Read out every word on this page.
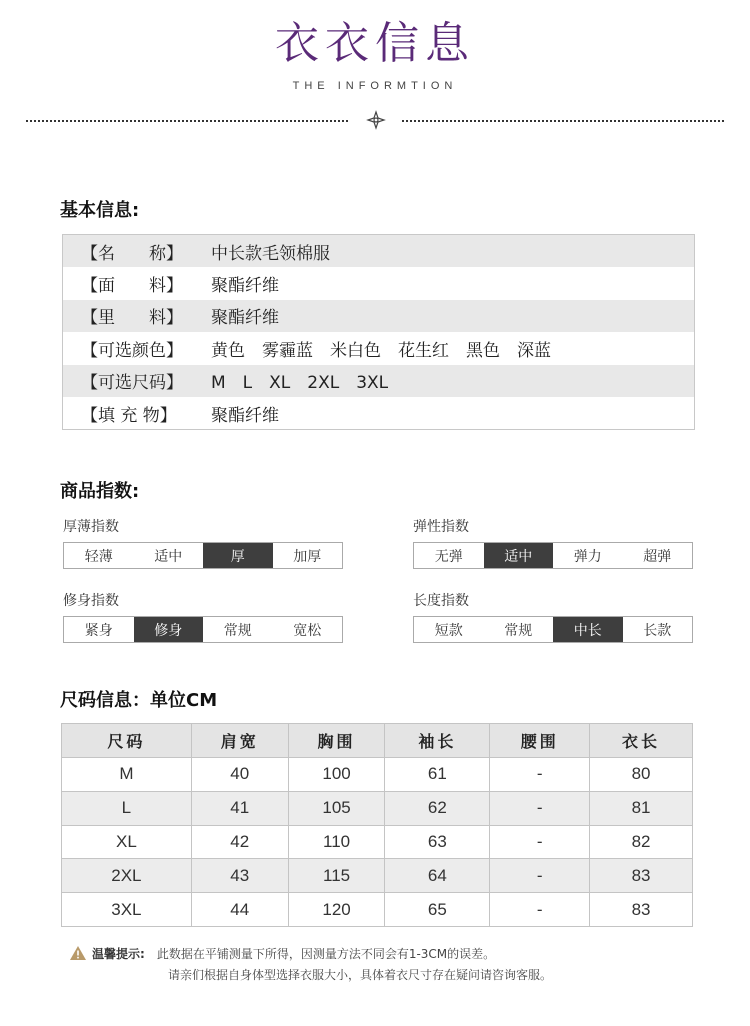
衣衣信息
THE INFORMTION
基本信息:
【名　　称】	中长款毛领棉服
【面　　料】	聚酯纤维
【里　　料】	聚酯纤维
【可选颜色】	黄色　雾霾蓝　米白色　花生红　黑色　深蓝
【可选尺码】	M　L　XL　2XL　3XL
【填 充 物】	聚酯纤维
商品指数:
厚薄指数
轻薄	适中	厚	加厚
弹性指数
无弹	适中	弹力	超弹
修身指数
紧身	修身	常规	宽松
长度指数
短款	常规	中长	长款
尺码信息：单位CM
尺码	肩宽	胸围	袖长	腰围	衣长
M	40	100	61	-	80
L	41	105	62	-	81
XL	42	110	63	-	82
2XL	43	115	64	-	83
3XL	44	120	65	-	83
温馨提示: 此数据在平铺测量下所得，因测量方法不同会有1-3CM的误差。
请亲们根据自身体型选择衣服大小，具体着衣尺寸存在疑问请咨询客服。
